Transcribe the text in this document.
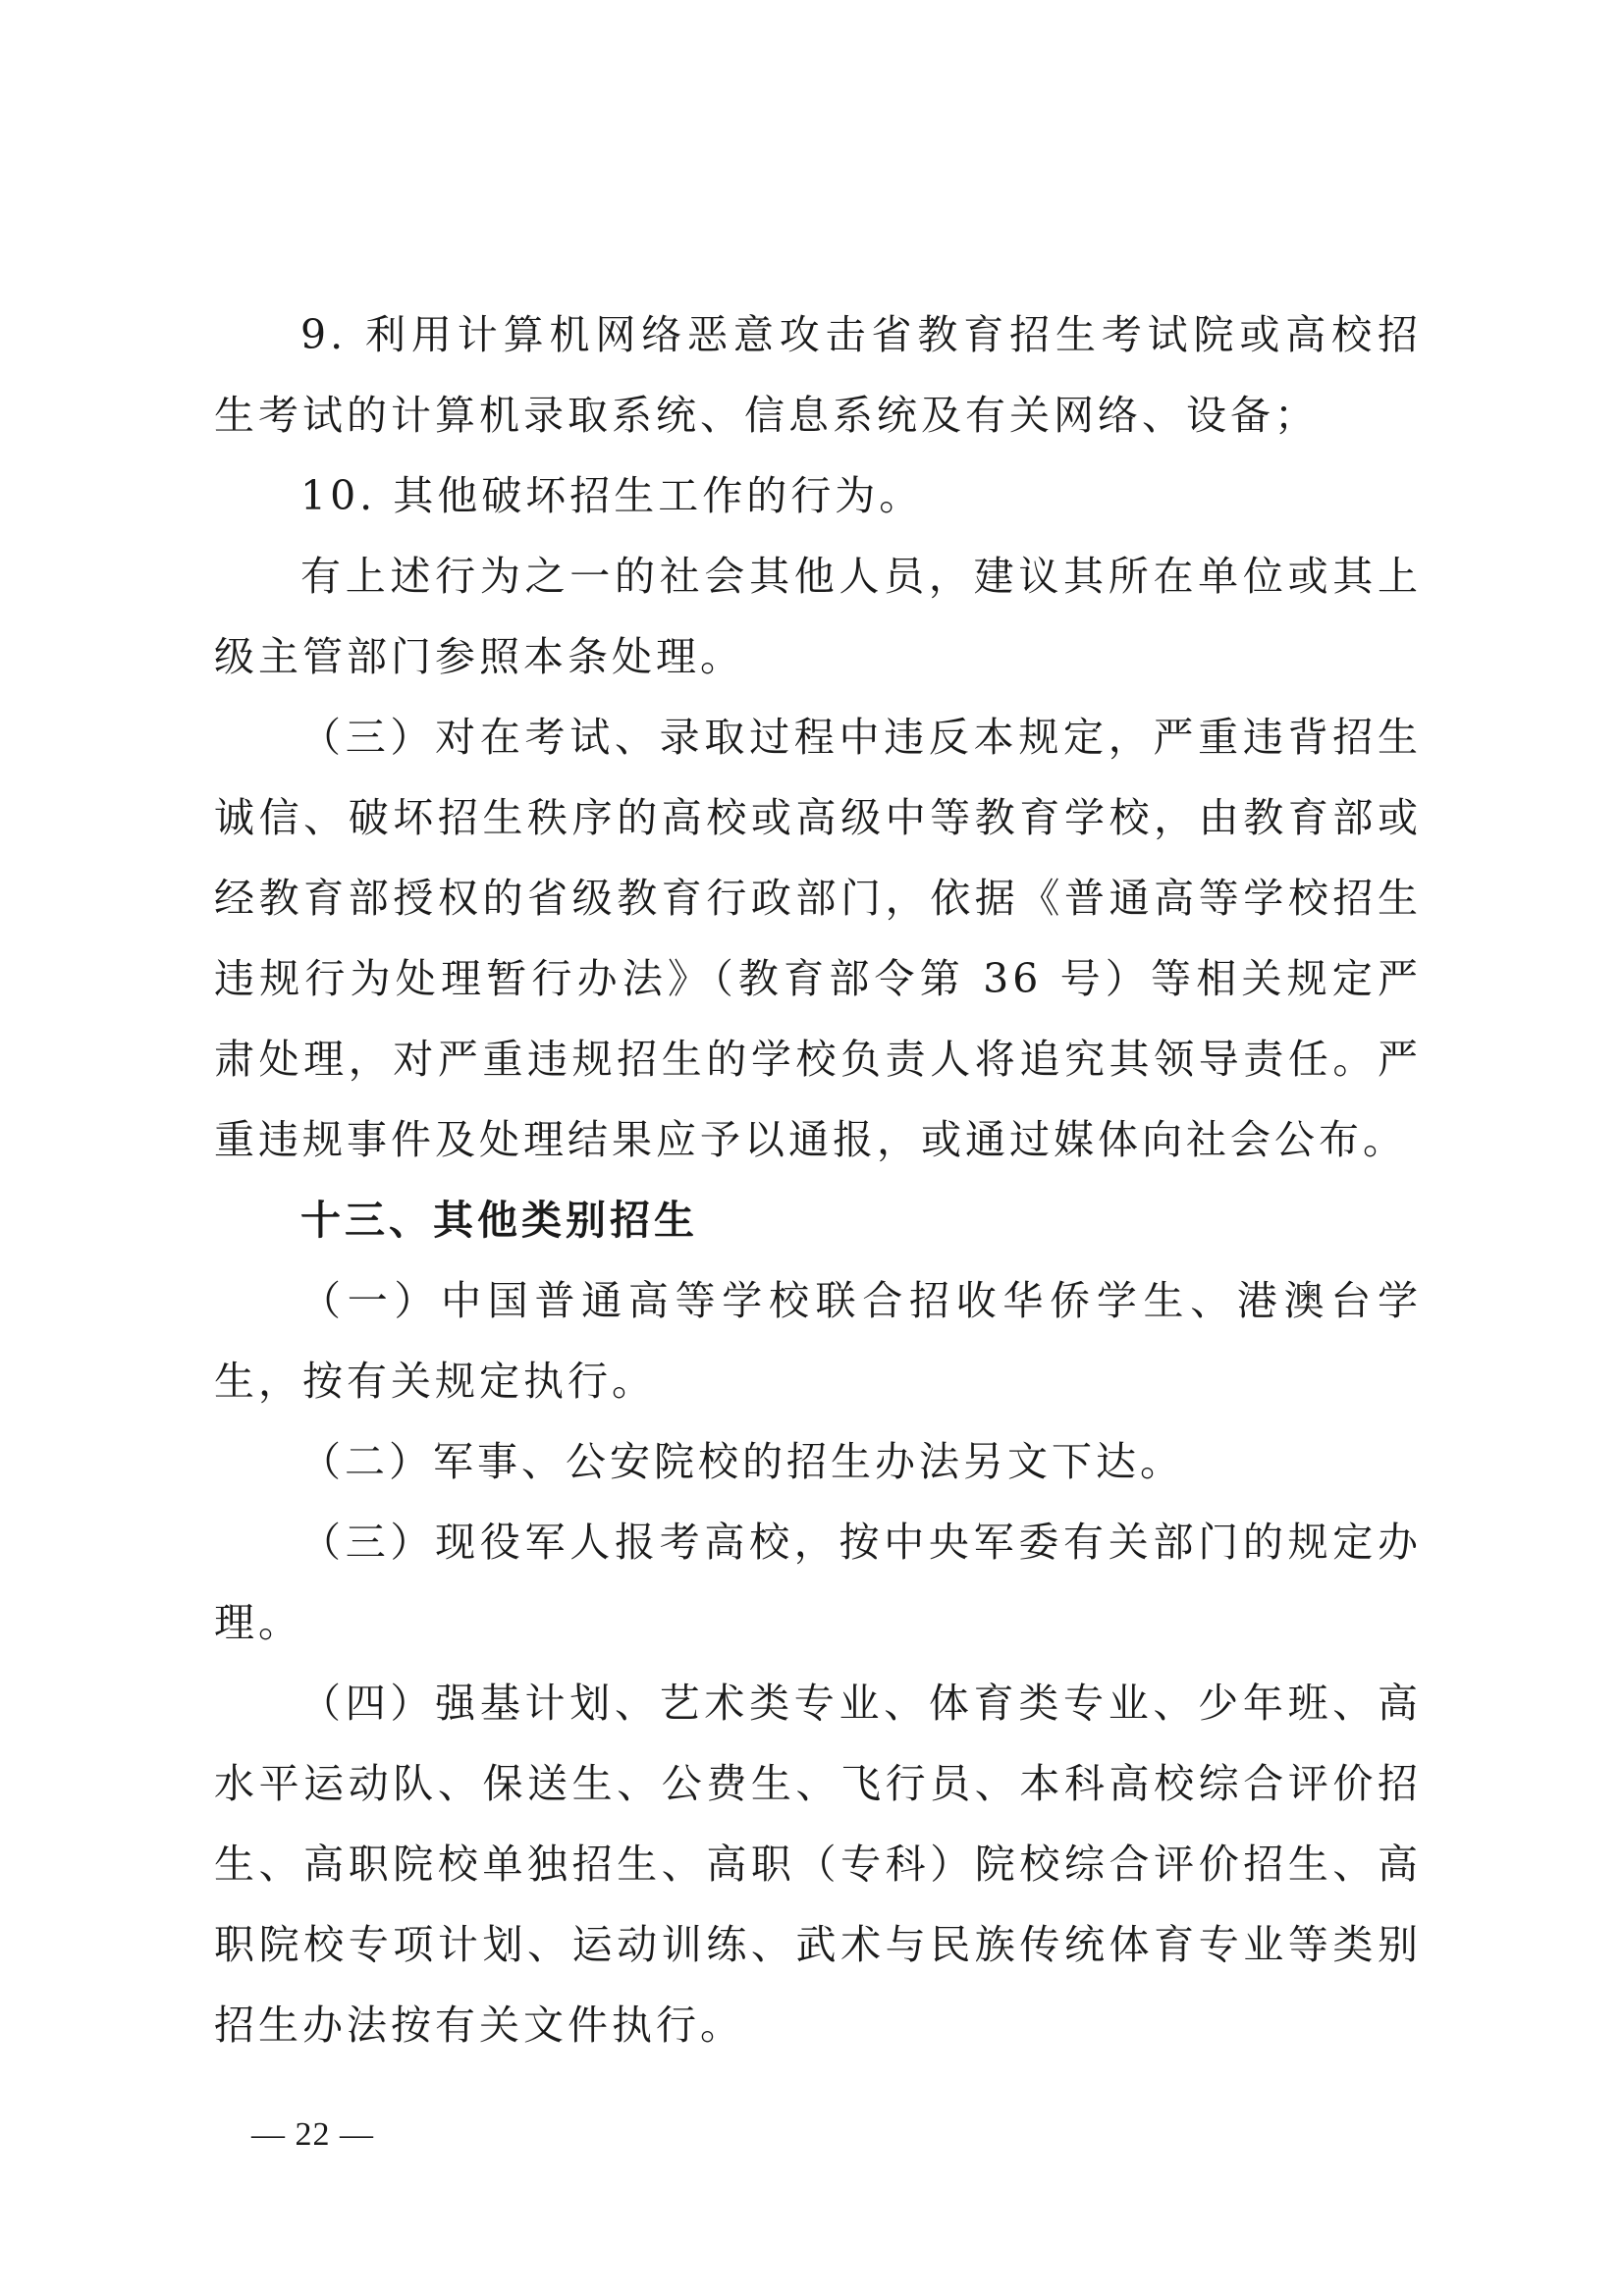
9. 利用计算机网络恶意攻击省教育招生考试院或高校招生考试的计算机录取系统、信息系统及有关网络、设备；

10. 其他破坏招生工作的行为。

有上述行为之一的社会其他人员，建议其所在单位或其上级主管部门参照本条处理。

（三）对在考试、录取过程中违反本规定，严重违背招生诚信、破坏招生秩序的高校或高级中等教育学校，由教育部或经教育部授权的省级教育行政部门，依据《普通高等学校招生违规行为处理暂行办法》（教育部令第 36 号）等相关规定严肃处理，对严重违规招生的学校负责人将追究其领导责任。严重违规事件及处理结果应予以通报，或通过媒体向社会公布。

十三、其他类别招生

（一）中国普通高等学校联合招收华侨学生、港澳台学生，按有关规定执行。

（二）军事、公安院校的招生办法另文下达。

（三）现役军人报考高校，按中央军委有关部门的规定办理。

（四）强基计划、艺术类专业、体育类专业、少年班、高水平运动队、保送生、公费生、飞行员、本科高校综合评价招生、高职院校单独招生、高职（专科）院校综合评价招生、高职院校专项计划、运动训练、武术与民族传统体育专业等类别招生办法按有关文件执行。

— 22 —
